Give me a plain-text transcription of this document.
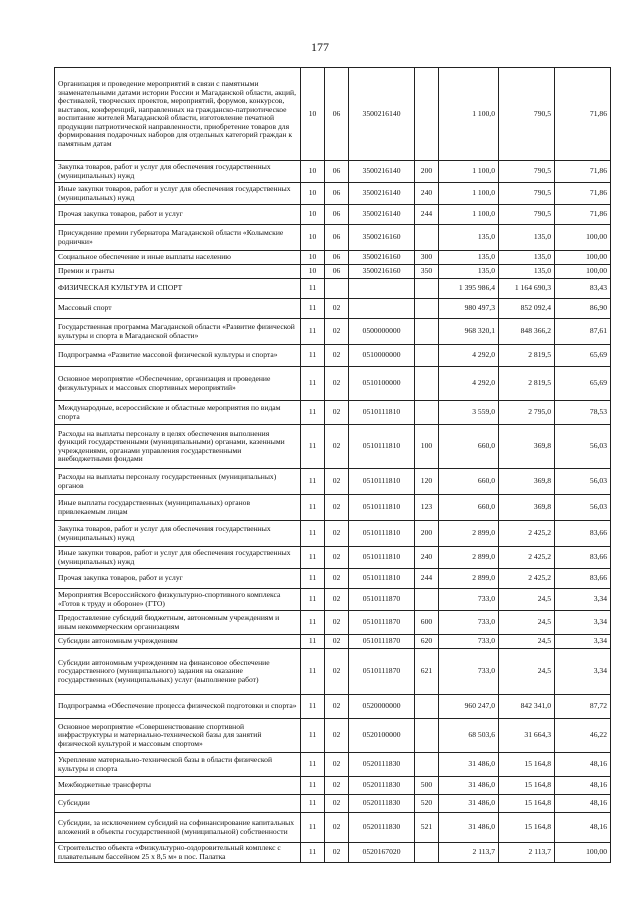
177
Организация и проведение мероприятий в связи с памятными знаменательными датами истории России и Магаданской области, акций, фестивалей, творческих проектов, мероприятий, форумов, конкурсов, выставок, конференций, направленных на гражданско-патриотическое воспитание жителей Магаданской области, изготовление печатной продукции патриотической направленности, приобретение товаров для формирования подарочных наборов для отдельных категорий граждан к памятным датам	10	06	3500216140		1 100,0	790,5	71,86
Закупка товаров, работ и услуг для обеспечения государственных (муниципальных) нужд	10	06	3500216140	200	1 100,0	790,5	71,86
Иные закупки товаров, работ и услуг для обеспечения государственных (муниципальных) нужд	10	06	3500216140	240	1 100,0	790,5	71,86
Прочая закупка товаров, работ и услуг	10	06	3500216140	244	1 100,0	790,5	71,86
Присуждение премии губернатора Магаданской области «Колымские роднички»	10	06	3500216160		135,0	135,0	100,00
Социальное обеспечение и иные выплаты населению	10	06	3500216160	300	135,0	135,0	100,00
Премии и гранты	10	06	3500216160	350	135,0	135,0	100,00
ФИЗИЧЕСКАЯ КУЛЬТУРА И СПОРТ	11				1 395 986,4	1 164 690,3	83,43
Массовый спорт	11	02			980 497,3	852 092,4	86,90
Государственная программа Магаданской области «Развитие физической культуры и спорта в Магаданской области»	11	02	0500000000		968 320,1	848 366,2	87,61
Подпрограмма «Развитие массовой физической культуры и спорта»	11	02	0510000000		4 292,0	2 819,5	65,69
Основное мероприятие «Обеспечение, организация и проведение физкультурных и массовых спортивных мероприятий»	11	02	0510100000		4 292,0	2 819,5	65,69
Международные, всероссийские и областные мероприятия по видам спорта	11	02	0510111810		3 559,0	2 795,0	78,53
Расходы на выплаты персоналу в целях обеспечения выполнения функций государственными (муниципальными) органами, казенными учреждениями, органами управления государственными внебюджетными фондами	11	02	0510111810	100	660,0	369,8	56,03
Расходы на выплаты персоналу государственных (муниципальных) органов	11	02	0510111810	120	660,0	369,8	56,03
Иные выплаты государственных (муниципальных) органов привлекаемым лицам	11	02	0510111810	123	660,0	369,8	56,03
Закупка товаров, работ и услуг для обеспечения государственных (муниципальных) нужд	11	02	0510111810	200	2 899,0	2 425,2	83,66
Иные закупки товаров, работ и услуг для обеспечения государственных (муниципальных) нужд	11	02	0510111810	240	2 899,0	2 425,2	83,66
Прочая закупка товаров, работ и услуг	11	02	0510111810	244	2 899,0	2 425,2	83,66
Мероприятия Всероссийского физкультурно-спортивного комплекса «Готов к труду и обороне» (ГТО)	11	02	0510111870		733,0	24,5	3,34
Предоставление субсидий бюджетным, автономным учреждениям и иным некоммерческим организациям	11	02	0510111870	600	733,0	24,5	3,34
Субсидии автономным учреждениям	11	02	0510111870	620	733,0	24,5	3,34
Субсидии автономным учреждениям на финансовое обеспечение государственного (муниципального) задания на оказание государственных (муниципальных) услуг (выполнение работ)	11	02	0510111870	621	733,0	24,5	3,34
Подпрограмма «Обеспечение процесса физической подготовки и спорта»	11	02	0520000000		960 247,0	842 341,0	87,72
Основное мероприятие «Совершенствование спортивной инфраструктуры и материально-технической базы для занятий физической культурой и массовым спортом»	11	02	0520100000		68 503,6	31 664,3	46,22
Укрепление материально-технической базы в области физической культуры и спорта	11	02	0520111830		31 486,0	15 164,8	48,16
Межбюджетные трансферты	11	02	0520111830	500	31 486,0	15 164,8	48,16
Субсидии	11	02	0520111830	520	31 486,0	15 164,8	48,16
Субсидии, за исключением субсидий на софинансирование капитальных вложений в объекты государственной (муниципальной) собственности	11	02	0520111830	521	31 486,0	15 164,8	48,16
Строительство объекта «Физкультурно-оздоровительный комплекс с плавательным бассейном 25 х 8,5 м» в пос. Палатка	11	02	0520167020		2 113,7	2 113,7	100,00
